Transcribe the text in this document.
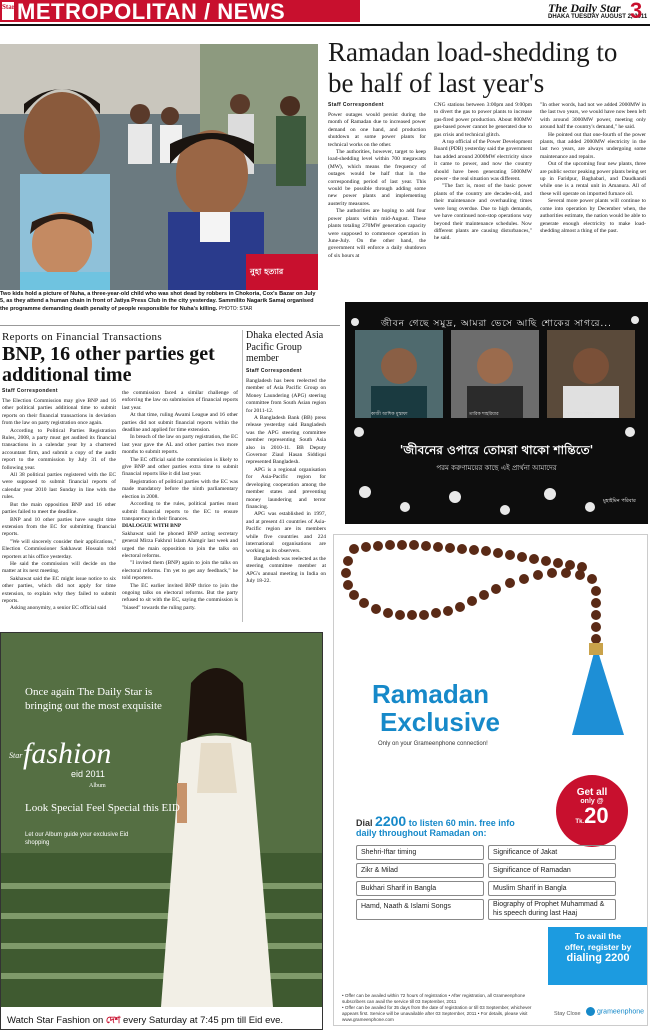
Star METROPOLITAN / NEWS	The Daily Star
DHAKA TUESDAY AUGUST 2, 2011
3
নুহা হত্যার
Two kids hold a picture of Nuha, a three-year-old child who was shot dead by robbers in Chokoria, Cox's Bazar on July 5, as they attend a human chain in front of Jatiya Press Club in the city yesterday. Sammilito Nagarik Samaj organised the programme demanding death penalty of people responsible for Nuha's killing. PHOTO: STAR
Ramadan load-shedding to be half of last year's
Staff Correspondent

Power outages would persist during the month of Ramadan due to increased power demand on one hand, and production shutdown at some power plants for technical works on the other.

The authorities, however, target to keep load-shedding level within 700 megawatts (MW), which means the frequency of outages would be half that in the corresponding period of last year. This would be possible through adding some new power plants and implementing austerity measures.

The authorities are hoping to add four power plants within mid-August. These plants totaling 270MW generation capacity were supposed to commence operation in June-July. On the other hand, the government will enforce a daily shutdown of six hours at

CNG stations between 3:00pm and 9:00pm to divert the gas to power plants to increase gas-fired power production. About 800MW gas-based power cannot be generated due to gas crisis and technical glitch.

A top official of the Power Development Board (PDB) yesterday said the government has added around 2000MW electricity since it came to power, and now the country should have been generating 5000MW power - the real situation was different.

"The fact is, most of the basic power plants of the country are decades-old, and their maintenance and overhauling times were long overdue. Due to high demands, we have continued non-stop operations way beyond their maintenance schedules. Now different plants are causing disturbances," he said.

"In other words, had not we added 2000MW in the last two years, we would have now been left with around 3000MW power, meeting only around half the country's demand," he said.

He pointed out that one-fourth of the power plants, that added 2000MW electricity in the last two years, are always undergoing some maintenance and repairs.

Out of the upcoming four new plants, three are public sector peaking power plants being set up in Faridpur, Baghabari, and Daudkandi while one is a rental unit in Amanura. All of these will operate on imported furnace oil.

Several more power plants will continue to come into operation by December when, the authorities estimate, the nation would be able to generate enough electricity to make load-shedding almost a thing of the past.

Reports on Financial Transactions
BNP, 16 other parties get additional time
Staff Correspondent

The Election Commission may give BNP and 16 other political parties additional time to submit reports on their financial transactions in deviation from the law on party registration once again.

According to Political Parties Registration Rules, 2008, a party must get audited its financial transactions in a calendar year by a chartered accountant firm, and submit a copy of the audit report to the commission by July 31 of the following year.

All 38 political parties registered with the EC were supposed to submit financial reports of calendar year 2010 last Sunday in line with the rules.

But the main opposition BNP and 16 other parties failed to meet the deadline.

BNP and 10 other parties have sought time extension from the EC for submitting financial reports.

"We will sincerely consider their applications," Election Commissioner Sakhawat Hossain told reporters at his office yesterday.

He said the commission will decide on the matter at its next meeting.

Sakhawat said the EC might issue notice to six other parties, which did not apply for time extension, to explain why they failed to submit reports.

Asking anonymity, a senior EC official said

the commission faced a similar challenge of enforcing the law on submission of financial reports last year.

At that time, ruling Awami League and 16 other parties did not submit financial reports within the deadline and applied for time extension.

In breach of the law on party registration, the EC last year gave the AL and other parties two more months to submit reports.

The EC official said the commission is likely to give BNP and other parties extra time to submit financial reports like it did last year.

Registration of political parties with the EC was made mandatory before the ninth parliamentary election in 2008.

According to the rules, political parties must submit financial reports to the EC to ensure transparency in their finances.

DIALOGUE WITH BNP

Sakhawat said he phoned BNP acting secretary general Mirza Fakhrul Islam Alamgir last week and urged the main opposition to join the talks on electoral reforms.

"I invited them (BNP) again to join the talks on electoral reforms. I'm yet to get any feedback," he told reporters.

The EC earlier invited BNP thrice to join the ongoing talks on electoral reforms. But the party refused to sit with the EC, saying the commission is "biased" towards the ruling party.

Dhaka elected Asia Pacific Group member
Staff Correspondent

Bangladesh has been reelected the member of Asia Pacific Group on Money Laundering (APG) steering committee from South Asian region for 2011-12.

A Bangladesh Bank (BB) press release yesterday said Bangladesh was the APG steering committee member representing South Asia also in 2010-11. BB Deputy Governor Ziaul Hasan Siddiqui represented Bangladesh.

APG is a regional organisation for Asia-Pacific region for developing cooperation among the member states and preventing money laundering and terror financing.

APG was established in 1997, and at present 41 countries of Asia-Pacific region are its members while five countries and 224 international organisations are working as its observers.

Bangladesh was reelected as the steering committee member at APG's annual meeting in India on July 18-22.

জীবন গেছে সমুদ্র, আমরা ভেসে আছি শোকের সাগরে...
কাজী আশিক মুস্তাফা	তারিক শাহরিয়ার	মুহাইমিন মাহমুদ
'জীবনের ওপারে তোমরা থাকো শান্তিতে'
পরম করুণাময়ের কাছে এই প্রার্থনা আমাদের
মুহাইমিন পরিবার
Ramadan
Exclusive
Only on your Grameenphone connection!
Dial 2200 to listen 60 min. free info
daily throughout Ramadan on:
Get all
only @
Tk.20
Shehri-Iftar timing	Significance of Jakat
Zikr & Milad	Significance of Ramadan
Bukhari Sharif in Bangla	Muslim Sharif in Bangla
Hamd, Naath & Islami Songs	Biography of Prophet Muhammad & his speech during last Haaj
To avail the
offer, register by
dialing 2200
• Offer can be availed within 72 hours of registration • After registration, all Grameenphone subscribers can avail the service till 03 September, 2011
• Offer can be availed for 35 days from the date of registration or till 03 September, whichever appears first. Service will be unavailable after 03 September, 2011 • For details, please visit www.grameenphone.com
Stay Close	grameenphone
Star
Once again The Daily Star is bringing out the most exquisite
fashion
eid 2011
Album
Look Special Feel Special this EID
Let our Album guide your exclusive Eid shopping
Watch Star Fashion on দেশ every Saturday at 7:45 pm till Eid eve.
